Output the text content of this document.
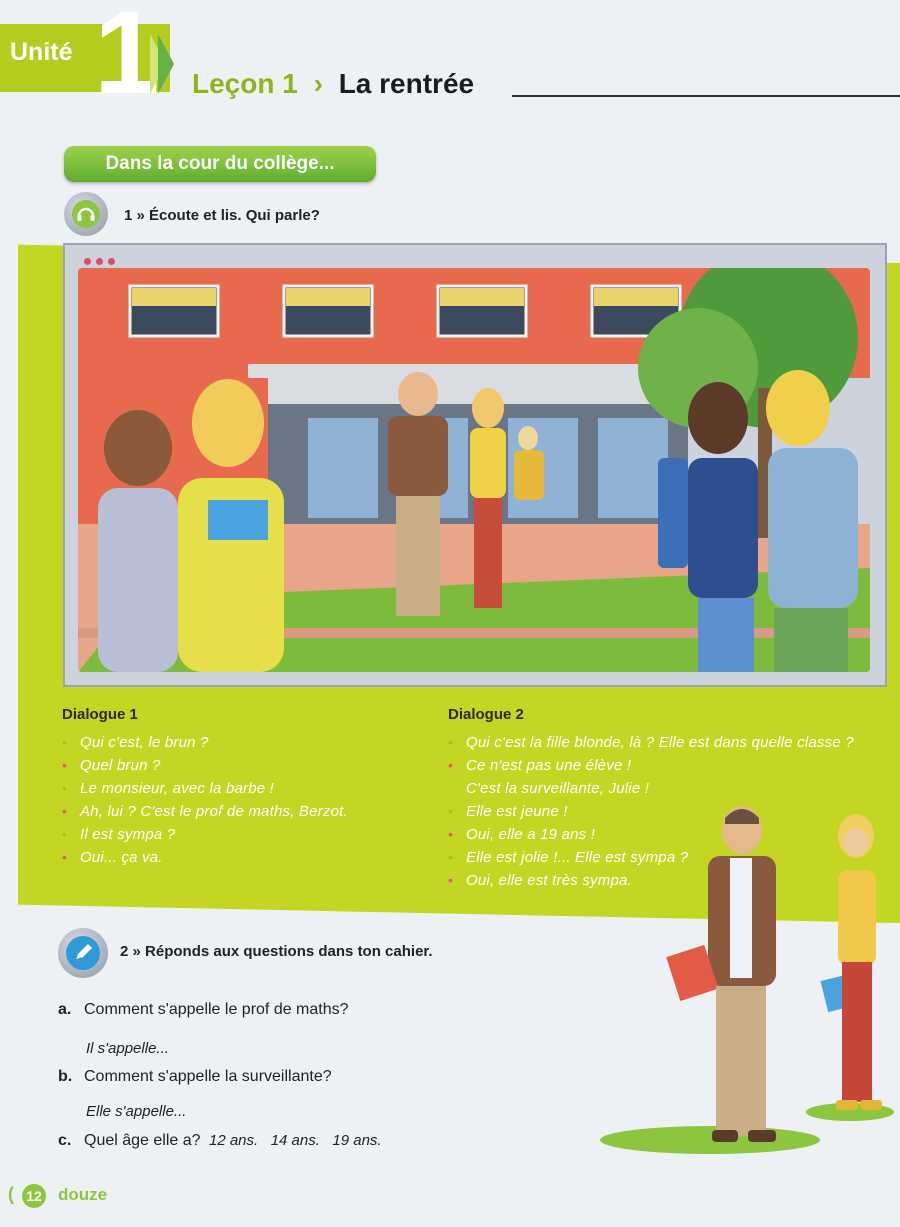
Unité 1 Leçon 1 › La rentrée
Dans la cour du collège...
1 » Écoute et lis. Qui parle?
Dialogue 1
• Qui c'est, le brun ?
• Quel brun ?
• Le monsieur, avec la barbe !
• Ah, lui ? C'est le prof de maths, Berzot.
• Il est sympa ?
• Oui... ça va.
Dialogue 2
• Qui c'est la fille blonde, là ? Elle est dans quelle classe ?
• Ce n'est pas une élève !
C'est la surveillante, Julie !
• Elle est jeune !
• Oui, elle a 19 ans !
• Elle est jolie !... Elle est sympa ?
• Oui, elle est très sympa.
2 » Réponds aux questions dans ton cahier.
a. Comment s'appelle le prof de maths?
Il s'appelle...
b. Comment s'appelle la surveillante?
Elle s'appelle...
c. Quel âge elle a? 12 ans.   14 ans.   19 ans.
( 12 douze
